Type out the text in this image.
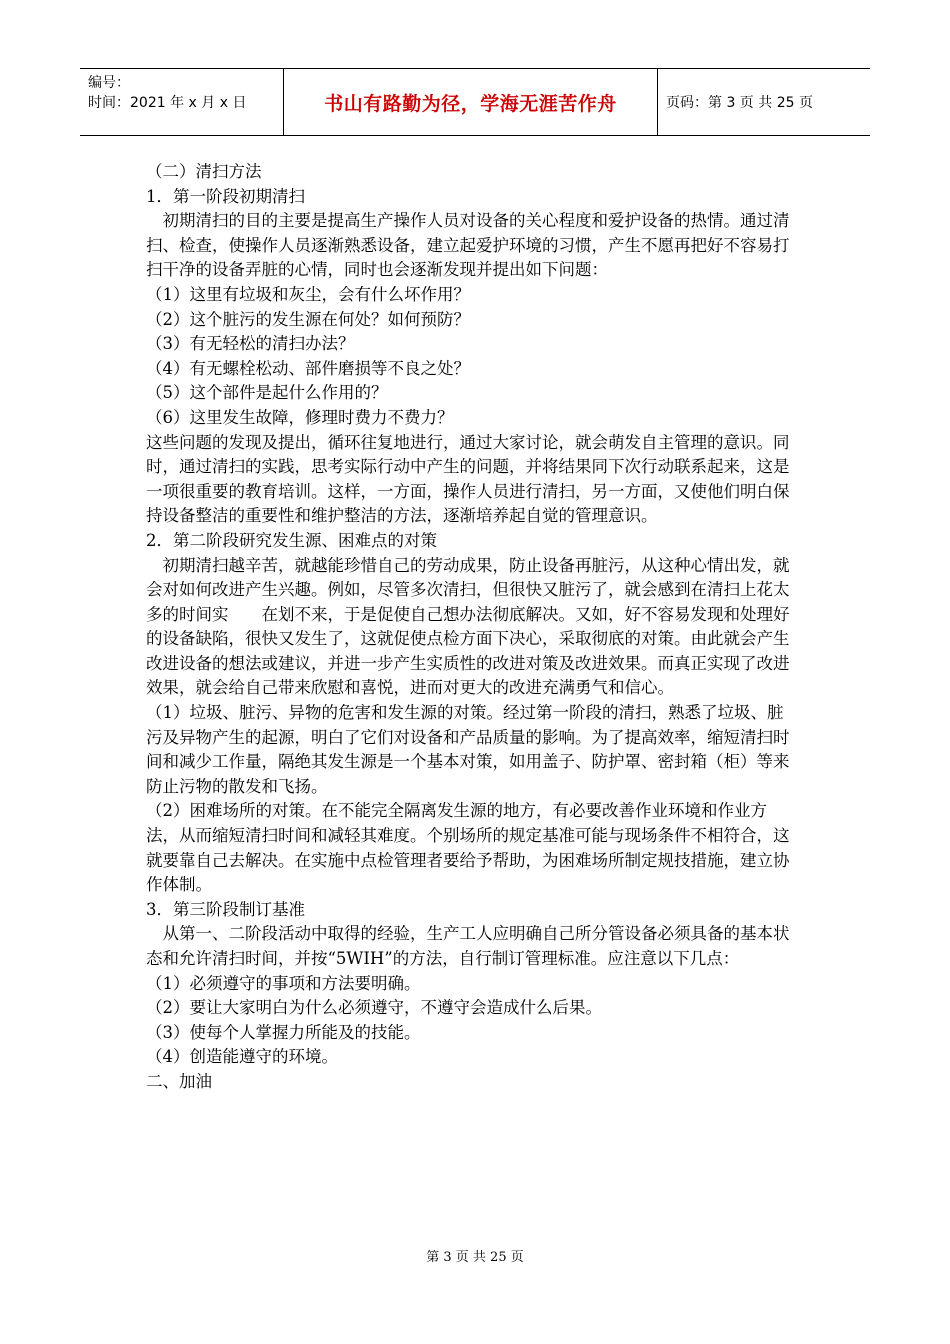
编号：
时间：2021 年 x 月 x 日	书山有路勤为径，学海无涯苦作舟	页码：第 3 页 共 25 页

（二）清扫方法

1．第一阶段初期清扫

初期清扫的目的主要是提高生产操作人员对设备的关心程度和爱护设备的热情。通过清扫、检查，使操作人员逐渐熟悉设备，建立起爱护环境的习惯，产生不愿再把好不容易打扫干净的设备弄脏的心情，同时也会逐渐发现并提出如下问题：

（1）这里有垃圾和灰尘，会有什么坏作用？

（2）这个脏污的发生源在何处？如何预防？

（3）有无轻松的清扫办法？

（4）有无螺栓松动、部件磨损等不良之处？

（5）这个部件是起什么作用的？

（6）这里发生故障，修理时费力不费力？

这些问题的发现及提出，循环往复地进行，通过大家讨论，就会萌发自主管理的意识。同时，通过清扫的实践，思考实际行动中产生的问题，并将结果同下次行动联系起来，这是一项很重要的教育培训。这样，一方面，操作人员进行清扫，另一方面，又使他们明白保持设备整洁的重要性和维护整洁的方法，逐渐培养起自觉的管理意识。

2．第二阶段研究发生源、困难点的对策

初期清扫越辛苦，就越能珍惜自己的劳动成果，防止设备再脏污，从这种心情出发，就会对如何改进产生兴趣。例如，尽管多次清扫，但很快又脏污了，就会感到在清扫上花太多的时间实　　在划不来，于是促使自己想办法彻底解决。又如，好不容易发现和处理好的设备缺陷，很快又发生了，这就促使点检方面下决心，采取彻底的对策。由此就会产生改进设备的想法或建议，并进一步产生实质性的改进对策及改进效果。而真正实现了改进效果，就会给自己带来欣慰和喜悦，进而对更大的改进充满勇气和信心。

（1）垃圾、脏污、异物的危害和发生源的对策。经过第一阶段的清扫，熟悉了垃圾、脏污及异物产生的起源，明白了它们对设备和产品质量的影响。为了提高效率，缩短清扫时间和减少工作量，隔绝其发生源是一个基本对策，如用盖子、防护罩、密封箱（柜）等来防止污物的散发和飞扬。

（2）困难场所的对策。在不能完全隔离发生源的地方，有必要改善作业环境和作业方法，从而缩短清扫时间和减轻其难度。个别场所的规定基准可能与现场条件不相符合，这就要靠自己去解决。在实施中点检管理者要给予帮助，为困难场所制定规技措施，建立协作体制。

3．第三阶段制订基准

从第一、二阶段活动中取得的经验，生产工人应明确自己所分管设备必须具备的基本状态和允许清扫时间，并按“5WIH”的方法，自行制订管理标准。应注意以下几点：

（1）必须遵守的事项和方法要明确。

（2）要让大家明白为什么必须遵守，不遵守会造成什么后果。

（3）使每个人掌握力所能及的技能。

（4）创造能遵守的环境。

二、加油

第 3 页 共 25 页
